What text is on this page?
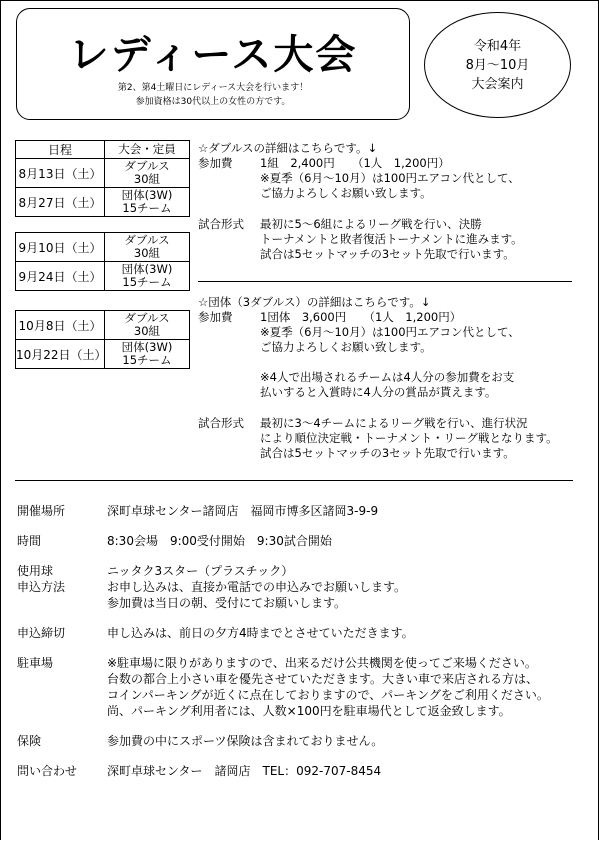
レディース大会
第2、第4土曜日にレディース大会を行います！
参加資格は30代以上の女性の方です。
令和4年
8月～10月
大会案内
日程	大会・定員
8月13日（土）	ダブルス
30組

8月27日（土）	団体(3W)
15チーム
9月10日（土）	ダブルス
30組

9月24日（土）	団体(3W)
15チーム
10月8日（土）	ダブルス
30組

10月22日（土）	団体(3W)
15チーム
☆ダブルスの詳細はこちらです。↓
参加費 1組　2,400円　　（1人　1,200円）
※夏季（6月～10月）は100円エアコン代として、
ご協力よろしくお願い致します。
試合形式 最初に5～6組によるリーグ戦を行い、決勝
トーナメントと敗者復活トーナメントに進みます。
試合は5セットマッチの3セット先取で行います。
☆団体（3ダブルス）の詳細はこちらです。↓
参加費 1団体　3,600円　　（1人　1,200円）
※夏季（6月～10月）は100円エアコン代として、
ご協力よろしくお願い致します。
※4人で出場されるチームは4人分の参加費をお支
払いすると入賞時に4人分の賞品が貰えます。
試合形式 最初に3～4チームによるリーグ戦を行い、進行状況
により順位決定戦・トーナメント・リーグ戦となります。
試合は5セットマッチの3セット先取で行います。
開催場所	深町卓球センター諸岡店　福岡市博多区諸岡3-9-9
時間	8:30会場　9:00受付開始　9:30試合開始
使用球	ニッタク3スター（プラスチック）
申込方法	お申し込みは、直接か電話での申込みでお願いします。
参加費は当日の朝、受付にてお願いします。
申込締切	申し込みは、前日の夕方4時までとさせていただきます。
駐車場	※駐車場に限りがありますので、出来るだけ公共機関を使ってご来場ください。
台数の都合上小さい車を優先させていただきます。大きい車で来店される方は、
コインパーキングが近くに点在しておりますので、パーキングをご利用ください。
尚、パーキング利用者には、人数×100円を駐車場代として返金致します。
保険	参加費の中にスポーツ保険は含まれておりません。
問い合わせ 深町卓球センター　諸岡店　TEL：092-707-8454
